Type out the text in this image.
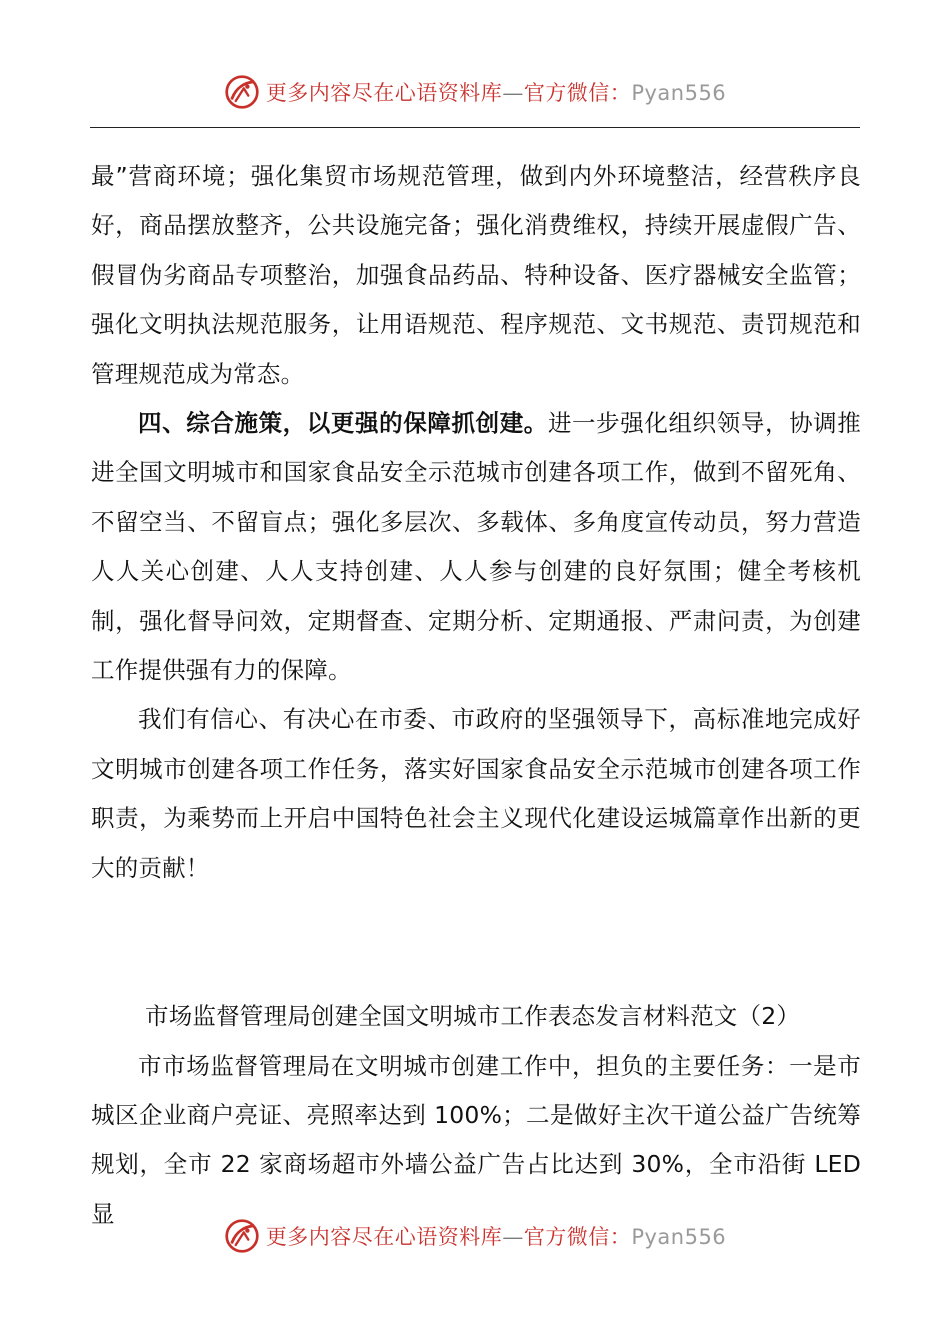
更多内容尽在心语资料库—官方微信：Pyan556

最”营商环境；强化集贸市场规范管理，做到内外环境整洁，经营秩序良好，商品摆放整齐，公共设施完备；强化消费维权，持续开展虚假广告、假冒伪劣商品专项整治，加强食品药品、特种设备、医疗器械安全监管；强化文明执法规范服务，让用语规范、程序规范、文书规范、责罚规范和管理规范成为常态。

四、综合施策，以更强的保障抓创建。进一步强化组织领导，协调推进全国文明城市和国家食品安全示范城市创建各项工作，做到不留死角、不留空当、不留盲点；强化多层次、多载体、多角度宣传动员，努力营造人人关心创建、人人支持创建、人人参与创建的良好氛围；健全考核机制，强化督导问效，定期督查、定期分析、定期通报、严肃问责，为创建工作提供强有力的保障。

我们有信心、有决心在市委、市政府的坚强领导下，高标准地完成好文明城市创建各项工作任务，落实好国家食品安全示范城市创建各项工作职责，为乘势而上开启中国特色社会主义现代化建设运城篇章作出新的更大的贡献！

市场监督管理局创建全国文明城市工作表态发言材料范文（2）

市市场监督管理局在文明城市创建工作中，担负的主要任务：一是市城区企业商户亮证、亮照率达到 100%；二是做好主次干道公益广告统筹规划，全市 22 家商场超市外墙公益广告占比达到 30%，全市沿街 LED 显

更多内容尽在心语资料库—官方微信：Pyan556
